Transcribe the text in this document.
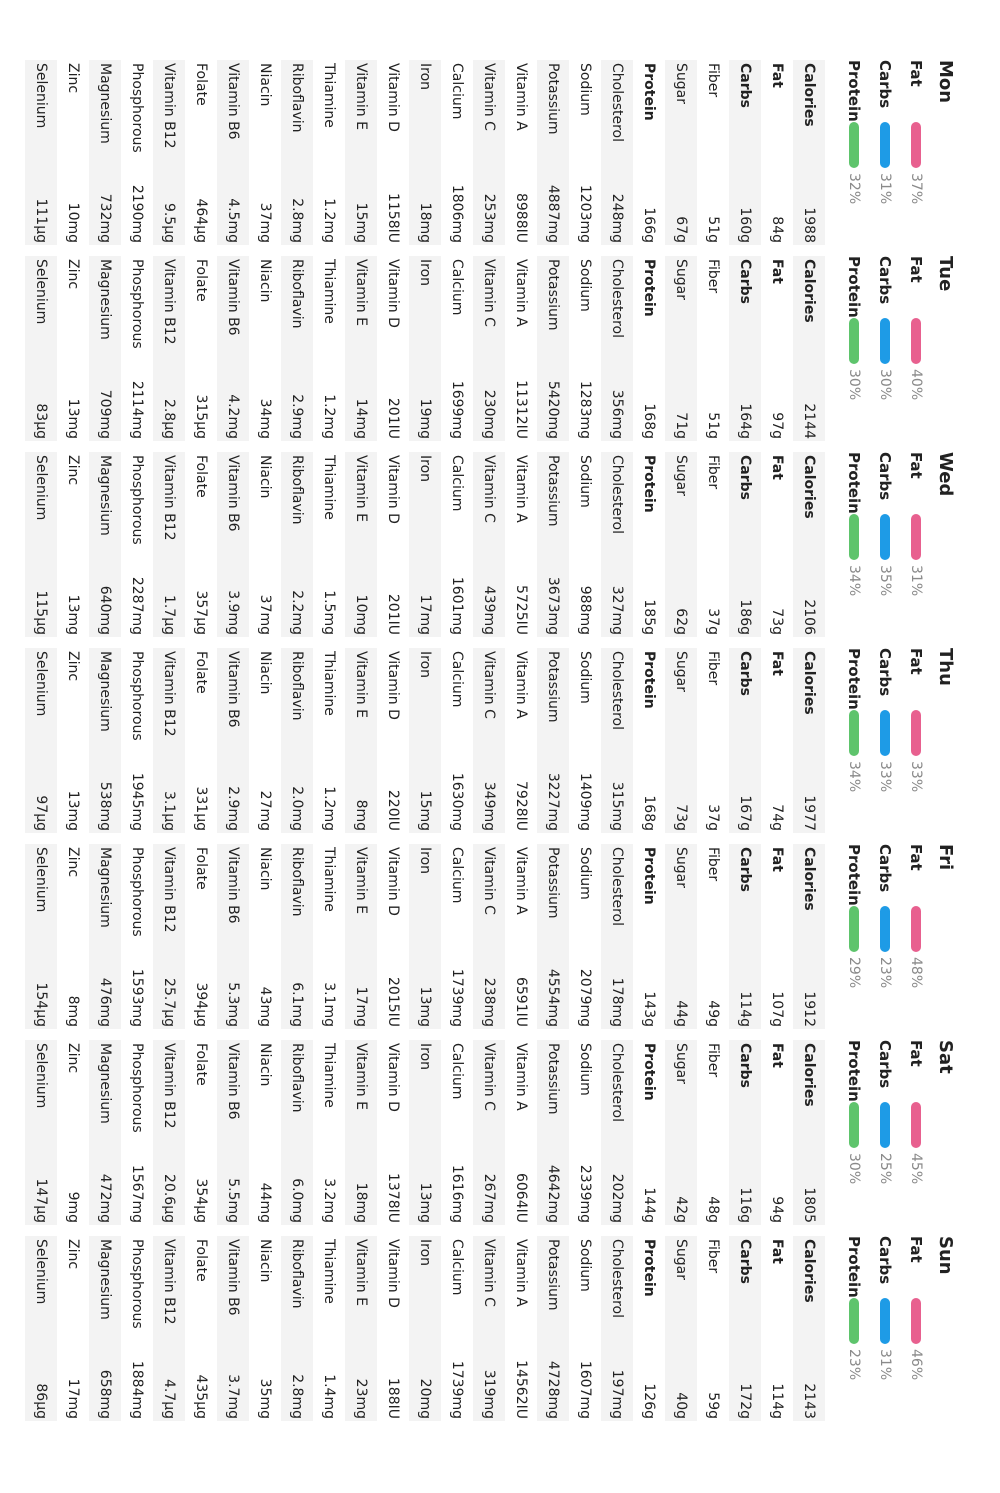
Mon
Fat
37%
Carbs
31%
Protein
32%
Calories
1988
Fat
84g
Carbs
160g
Fiber
51g
Sugar
67g
Protein
166g
Cholesterol
248mg
Sodium
1203mg
Potassium
4887mg
Vitamin A
8988IU
Vitamin C
253mg
Calcium
1806mg
Iron
18mg
Vitamin D
1158IU
Vitamin E
15mg
Thiamine
1.2mg
Riboflavin
2.8mg
Niacin
37mg
Vitamin B6
4.5mg
Folate
464µg
Vitamin B12
9.5µg
Phosphorous
2190mg
Magnesium
732mg
Zinc
10mg
Selenium
111µg
Tue
Fat
40%
Carbs
30%
Protein
30%
Calories
2144
Fat
97g
Carbs
164g
Fiber
51g
Sugar
71g
Protein
168g
Cholesterol
356mg
Sodium
1283mg
Potassium
5420mg
Vitamin A
11312IU
Vitamin C
230mg
Calcium
1699mg
Iron
19mg
Vitamin D
201IU
Vitamin E
14mg
Thiamine
1.2mg
Riboflavin
2.9mg
Niacin
34mg
Vitamin B6
4.2mg
Folate
315µg
Vitamin B12
2.8µg
Phosphorous
2114mg
Magnesium
709mg
Zinc
13mg
Selenium
83µg
Wed
Fat
31%
Carbs
35%
Protein
34%
Calories
2106
Fat
73g
Carbs
186g
Fiber
37g
Sugar
62g
Protein
185g
Cholesterol
327mg
Sodium
988mg
Potassium
3673mg
Vitamin A
5725IU
Vitamin C
439mg
Calcium
1601mg
Iron
17mg
Vitamin D
201IU
Vitamin E
10mg
Thiamine
1.5mg
Riboflavin
2.2mg
Niacin
37mg
Vitamin B6
3.9mg
Folate
357µg
Vitamin B12
1.7µg
Phosphorous
2287mg
Magnesium
640mg
Zinc
13mg
Selenium
115µg
Thu
Fat
33%
Carbs
33%
Protein
34%
Calories
1977
Fat
74g
Carbs
167g
Fiber
37g
Sugar
73g
Protein
168g
Cholesterol
315mg
Sodium
1409mg
Potassium
3227mg
Vitamin A
7928IU
Vitamin C
349mg
Calcium
1630mg
Iron
15mg
Vitamin D
220IU
Vitamin E
8mg
Thiamine
1.2mg
Riboflavin
2.0mg
Niacin
27mg
Vitamin B6
2.9mg
Folate
331µg
Vitamin B12
3.1µg
Phosphorous
1945mg
Magnesium
538mg
Zinc
13mg
Selenium
97µg
Fri
Fat
48%
Carbs
23%
Protein
29%
Calories
1912
Fat
107g
Carbs
114g
Fiber
49g
Sugar
44g
Protein
143g
Cholesterol
178mg
Sodium
2079mg
Potassium
4554mg
Vitamin A
6591IU
Vitamin C
238mg
Calcium
1739mg
Iron
13mg
Vitamin D
2015IU
Vitamin E
17mg
Thiamine
3.1mg
Riboflavin
6.1mg
Niacin
43mg
Vitamin B6
5.3mg
Folate
394µg
Vitamin B12
25.7µg
Phosphorous
1593mg
Magnesium
476mg
Zinc
8mg
Selenium
154µg
Sat
Fat
45%
Carbs
25%
Protein
30%
Calories
1805
Fat
94g
Carbs
116g
Fiber
48g
Sugar
42g
Protein
144g
Cholesterol
202mg
Sodium
2339mg
Potassium
4642mg
Vitamin A
6064IU
Vitamin C
267mg
Calcium
1616mg
Iron
13mg
Vitamin D
1378IU
Vitamin E
18mg
Thiamine
3.2mg
Riboflavin
6.0mg
Niacin
44mg
Vitamin B6
5.5mg
Folate
354µg
Vitamin B12
20.6µg
Phosphorous
1567mg
Magnesium
472mg
Zinc
9mg
Selenium
147µg
Sun
Fat
46%
Carbs
31%
Protein
23%
Calories
2143
Fat
114g
Carbs
172g
Fiber
59g
Sugar
40g
Protein
126g
Cholesterol
197mg
Sodium
1607mg
Potassium
4728mg
Vitamin A
14562IU
Vitamin C
319mg
Calcium
1739mg
Iron
20mg
Vitamin D
188IU
Vitamin E
23mg
Thiamine
1.4mg
Riboflavin
2.8mg
Niacin
35mg
Vitamin B6
3.7mg
Folate
435µg
Vitamin B12
4.7µg
Phosphorous
1884mg
Magnesium
658mg
Zinc
17mg
Selenium
86µg
